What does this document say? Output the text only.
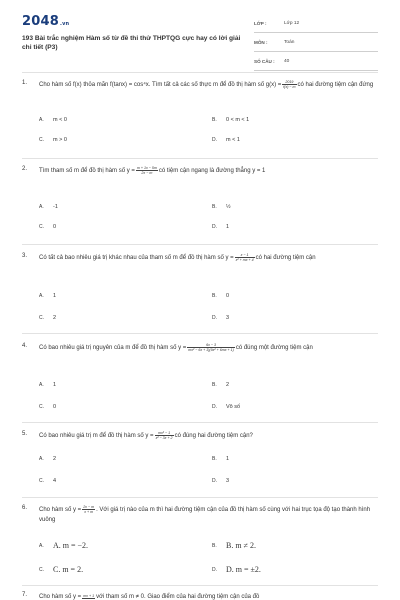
2048.vn
193 Bài trắc nghiệm Hàm số từ đề thi thử THPTQG cực hay có lời giải chi tiết (P3)
LỚP :	Lớp 12
MÔN :	Toán
SỐ CÂU :	40
1. Cho hàm số f(x) thỏa mãn f(tanx) = cos⁴x. Tìm tất cả các số thực m để đồ thị hàm số $g(x) = \frac{2019}{f(x) - m}$ có hai đường tiệm cận đứng
A.	m < 0	B.	0 < m < 1
C.	m > 0	D.	m < 1
2. Tìm tham số m để đồ thị hàm số $y = \frac{m + 1x - 5m}{2x - m}$ có tiệm cận ngang là đường thẳng y = 1
A.	-1	B.	½
C.	0	D.	1
3. Có tất cả bao nhiêu giá trị khác nhau của tham số m để đồ thị hàm số $y = \frac{x - 1}{\text{x² + mx + 4}}$ có hai đường tiệm cận
A.	1	B.	0
C.	2	D.	3
4. Có bao nhiêu giá trị nguyên của m để đồ thị hàm số $y = \frac{6x - 3}{\text{mx² − 6x + 3)(9x² + 6mx + 1)}}$ có đúng một đường tiệm cận
A.	1	B.	2
C.	0	D.	Vô số
5. Có bao nhiêu giá trị m để đồ thị hàm số $y = \frac{\text{mx² − 1}}{\text{x² − 3x + 2}}$ có đúng hai đường tiệm cận?
A.	2	B.	1
C.	4	D.	3
6. Cho hàm số $y = \frac{2x - m}{x + m}$ . Với giá trị nào của m thì hai đường tiệm cận của đồ thị hàm số cùng với hai trục tọa độ tạo thành hình vuông
A.	A. m = −2.	B.	B. m ≠ 2.
C.	C. m = 2.	D.	D. m = ±2.
7. Cho hàm số y = mx + 1 với tham số m ≠ 0. Giao điểm của hai đường tiệm cận của đồ
